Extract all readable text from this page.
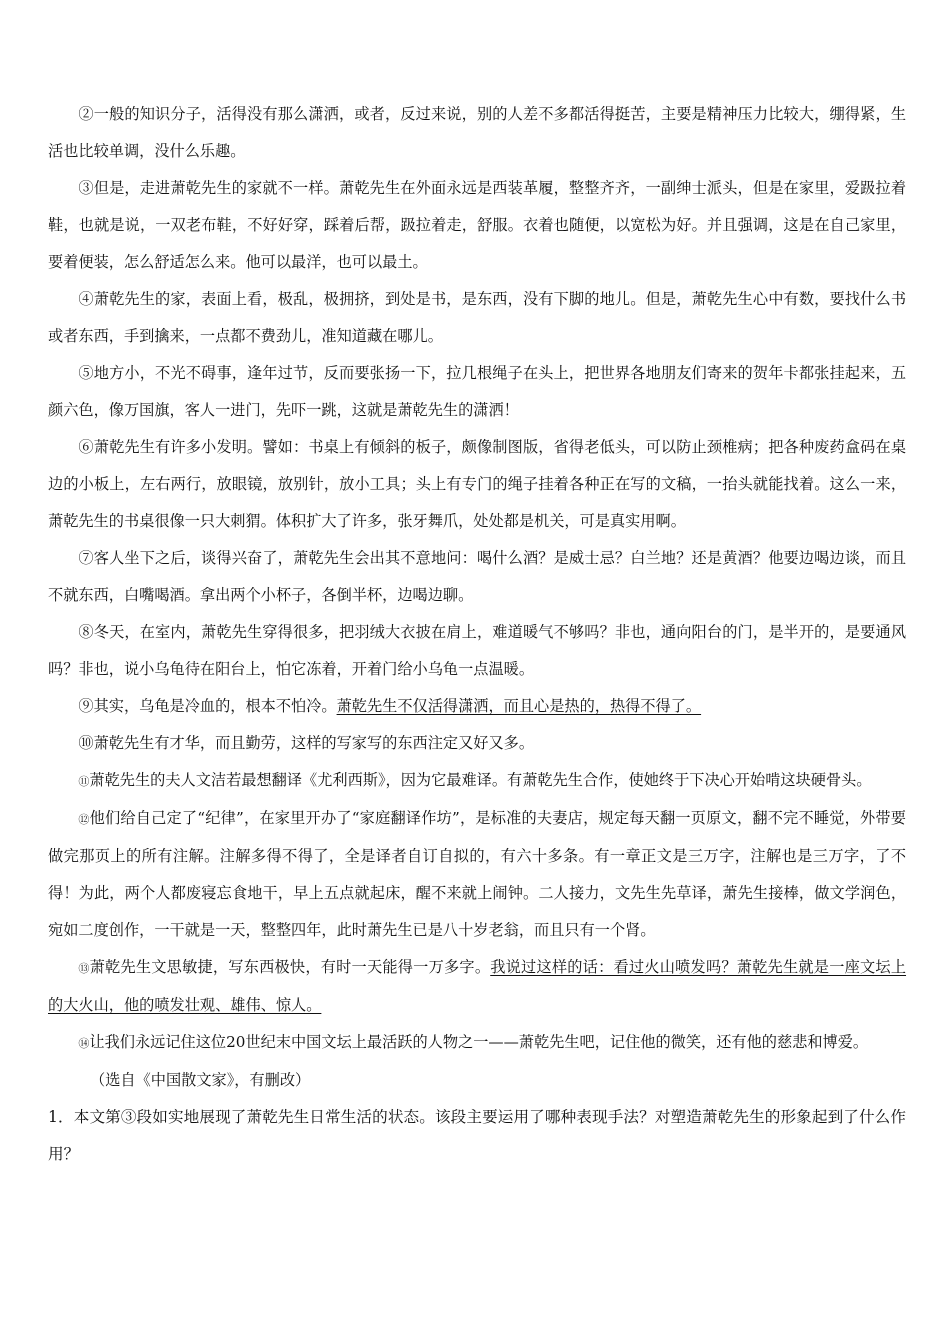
②一般的知识分子，活得没有那么潇洒，或者，反过来说，别的人差不多都活得挺苦，主要是精神压力比较大，绷得紧，生活也比较单调，没什么乐趣。

③但是，走进萧乾先生的家就不一样。萧乾先生在外面永远是西装革履，整整齐齐，一副绅士派头，但是在家里，爱趿拉着鞋，也就是说，一双老布鞋，不好好穿，踩着后帮，趿拉着走，舒服。衣着也随便，以宽松为好。并且强调，这是在自己家里，要着便装，怎么舒适怎么来。他可以最洋，也可以最土。

④萧乾先生的家，表面上看，极乱，极拥挤，到处是书，是东西，没有下脚的地儿。但是，萧乾先生心中有数，要找什么书或者东西，手到擒来，一点都不费劲儿，准知道藏在哪儿。

⑤地方小，不光不碍事，逢年过节，反而要张扬一下，拉几根绳子在头上，把世界各地朋友们寄来的贺年卡都张挂起来，五颜六色，像万国旗，客人一进门，先吓一跳，这就是萧乾先生的潇洒！

⑥萧乾先生有许多小发明。譬如：书桌上有倾斜的板子，颇像制图版，省得老低头，可以防止颈椎病；把各种废药盒码在桌边的小板上，左右两行，放眼镜，放别针，放小工具；头上有专门的绳子挂着各种正在写的文稿，一抬头就能找着。这么一来，萧乾先生的书桌很像一只大刺猬。体积扩大了许多，张牙舞爪，处处都是机关，可是真实用啊。

⑦客人坐下之后，谈得兴奋了，萧乾先生会出其不意地问：喝什么酒？是威士忌？白兰地？还是黄酒？他要边喝边谈，而且不就东西，白嘴喝酒。拿出两个小杯子，各倒半杯，边喝边聊。

⑧冬天，在室内，萧乾先生穿得很多，把羽绒大衣披在肩上，难道暖气不够吗？非也，通向阳台的门，是半开的，是要通风吗？非也，说小乌龟待在阳台上，怕它冻着，开着门给小乌龟一点温暖。

⑨其实，乌龟是冷血的，根本不怕冷。萧乾先生不仅活得潇洒，而且心是热的，热得不得了。

⑩萧乾先生有才华，而且勤劳，这样的写家写的东西注定又好又多。

⑪萧乾先生的夫人文洁若最想翻译《尤利西斯》，因为它最难译。有萧乾先生合作，使她终于下决心开始啃这块硬骨头。

⑫他们给自己定了“纪律”，在家里开办了“家庭翻译作坊”，是标准的夫妻店，规定每天翻一页原文，翻不完不睡觉，外带要做完那页上的所有注解。注解多得不得了，全是译者自订自拟的，有六十多条。有一章正文是三万字，注解也是三万字，了不得！为此，两个人都废寝忘食地干，早上五点就起床，醒不来就上闹钟。二人接力，文先生先草译，萧先生接棒，做文学润色，宛如二度创作，一干就是一天，整整四年，此时萧先生已是八十岁老翁，而且只有一个肾。

⑬萧乾先生文思敏捷，写东西极快，有时一天能得一万多字。我说过这样的话：看过火山喷发吗？萧乾先生就是一座文坛上的大火山，他的喷发壮观、雄伟、惊人。

⑭让我们永远记住这位20世纪末中国文坛上最活跃的人物之一——萧乾先生吧，记住他的微笑，还有他的慈悲和博爱。

（选自《中国散文家》，有删改）

1．本文第③段如实地展现了萧乾先生日常生活的状态。该段主要运用了哪种表现手法？对塑造萧乾先生的形象起到了什么作用？
